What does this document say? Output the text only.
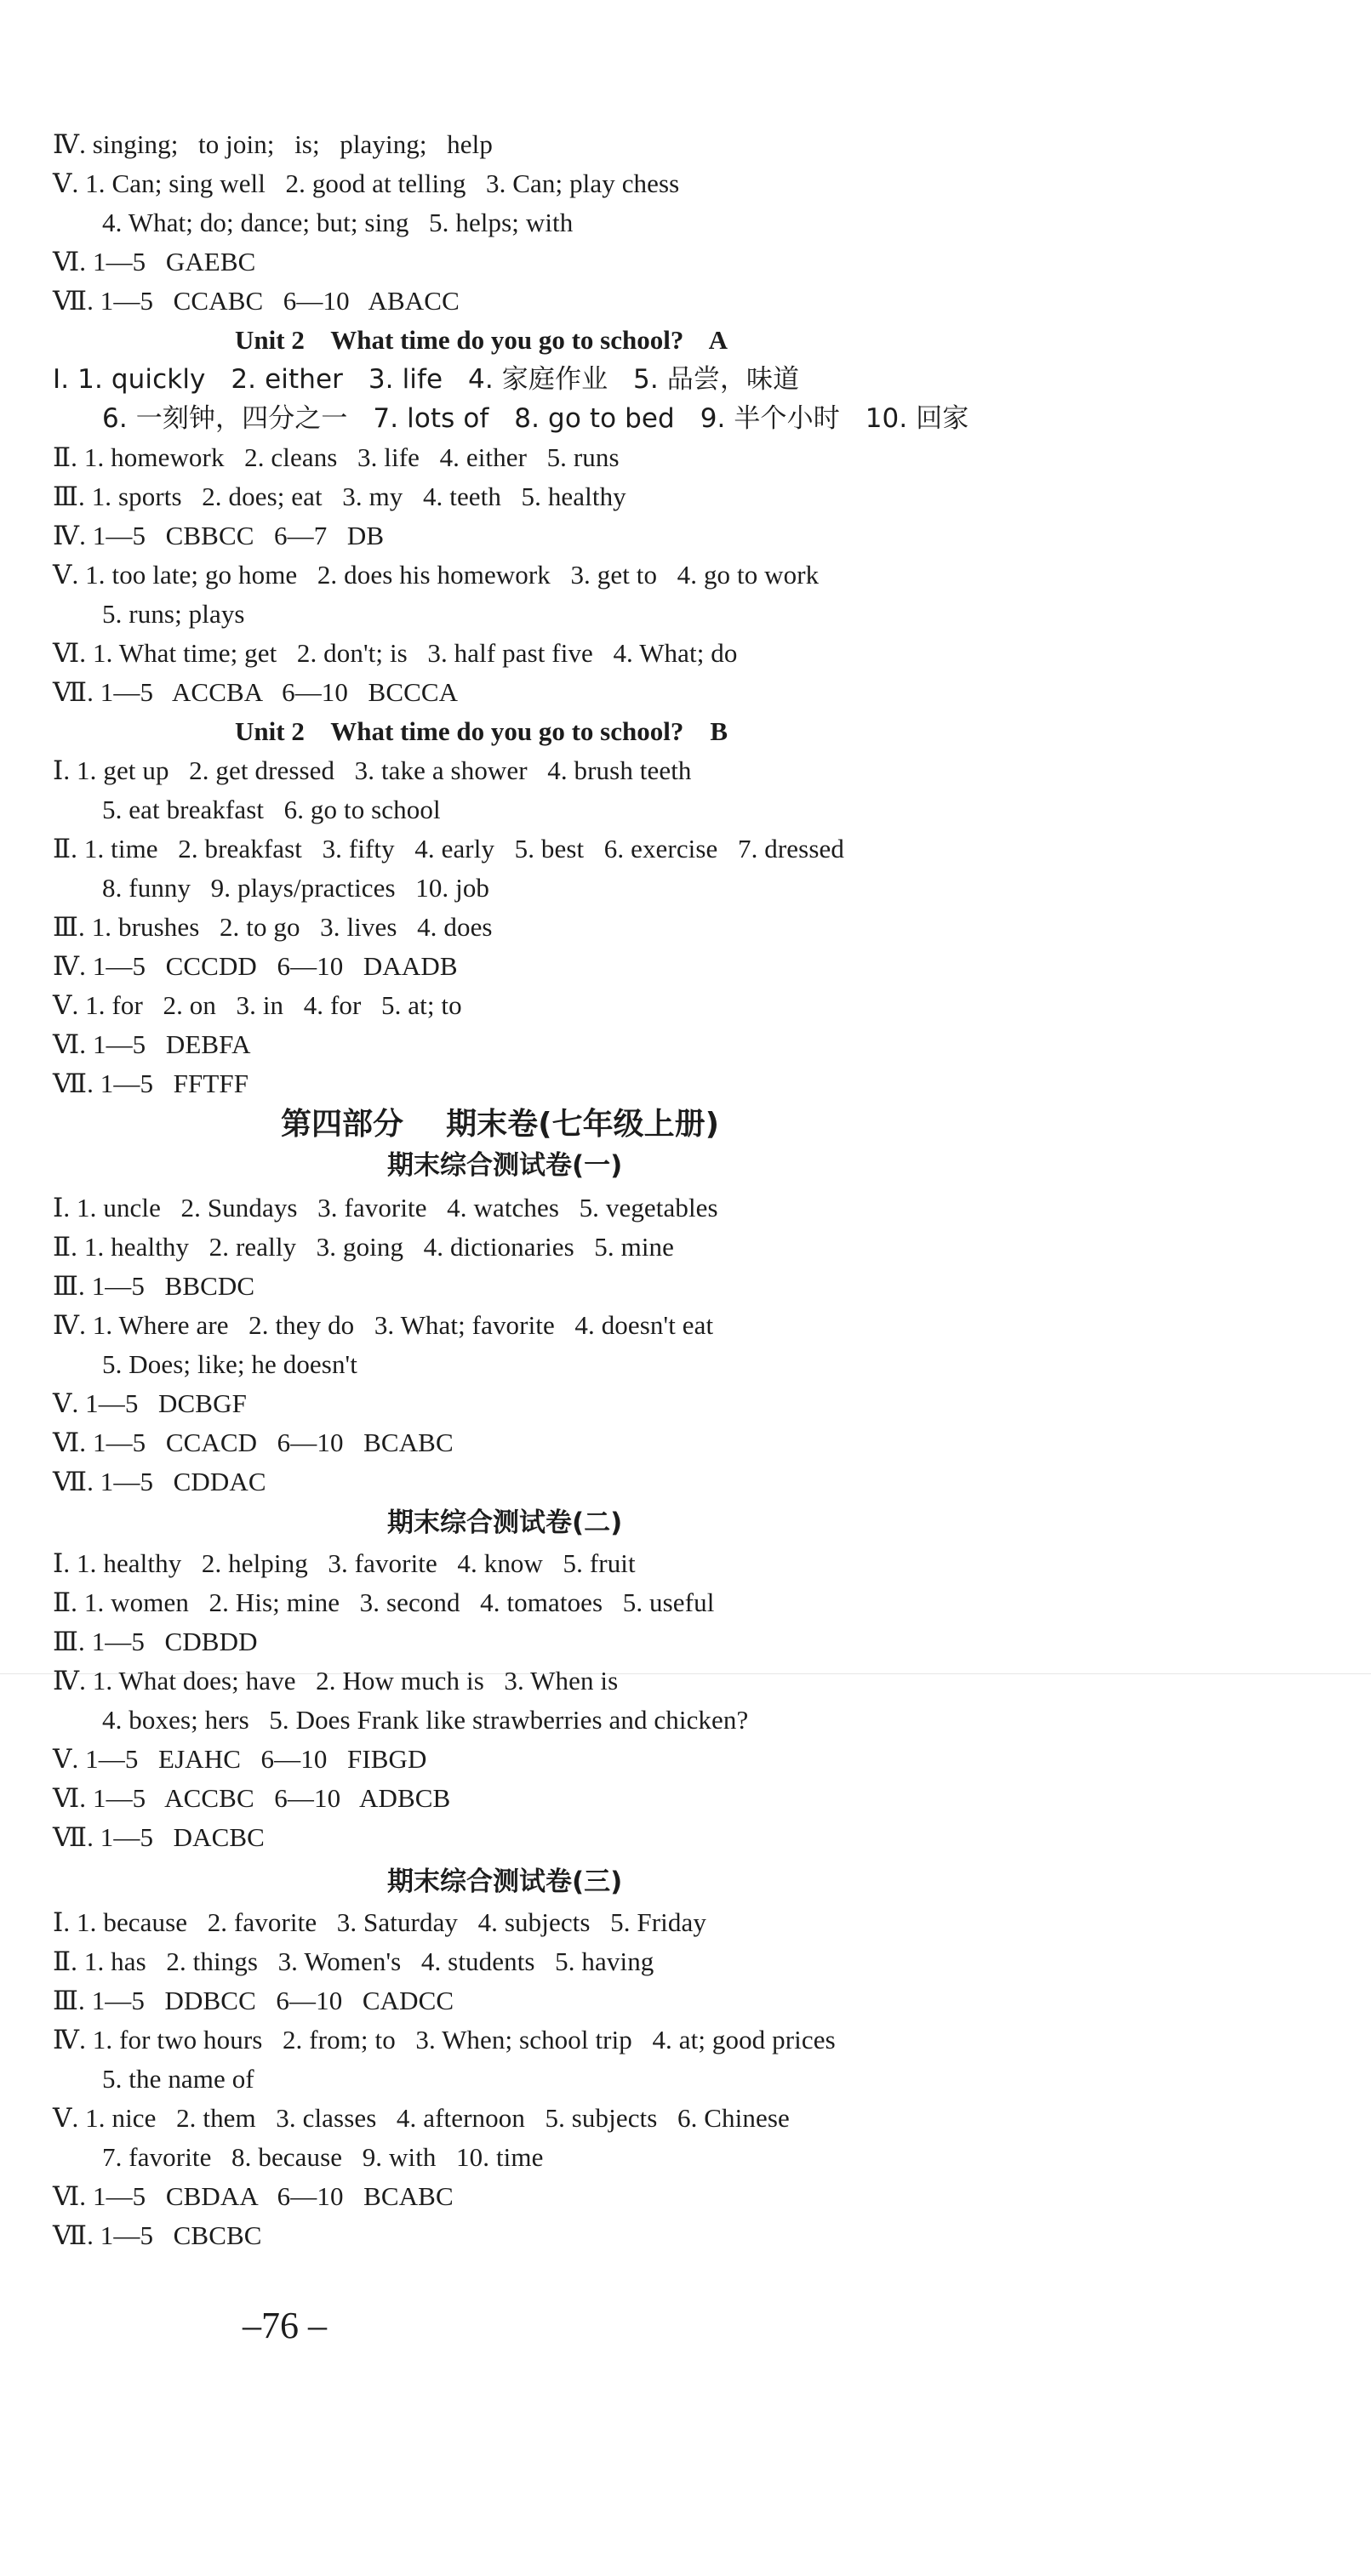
Ⅳ. singing;   to join;   is;   playing;   help
Ⅴ. 1. Can; sing well   2. good at telling   3. Can; play chess
4. What; do; dance; but; sing   5. helps; with
Ⅵ. 1—5   GAEBC
Ⅶ. 1—5   CCABC   6—10   ABACC
Unit 2    What time do you go to school?    A
Ⅰ. 1. quickly   2. either   3. life   4. 家庭作业   5. 品尝，味道
6. 一刻钟，四分之一   7. lots of   8. go to bed   9. 半个小时   10. 回家
Ⅱ. 1. homework   2. cleans   3. life   4. either   5. runs
Ⅲ. 1. sports   2. does; eat   3. my   4. teeth   5. healthy
Ⅳ. 1—5   CBBCC   6—7   DB
Ⅴ. 1. too late; go home   2. does his homework   3. get to   4. go to work
5. runs; plays
Ⅵ. 1. What time; get   2. don't; is   3. half past five   4. What; do
Ⅶ. 1—5   ACCBA   6—10   BCCCA
Unit 2    What time do you go to school?    B
Ⅰ. 1. get up   2. get dressed   3. take a shower   4. brush teeth
5. eat breakfast   6. go to school
Ⅱ. 1. time   2. breakfast   3. fifty   4. early   5. best   6. exercise   7. dressed
8. funny   9. plays/practices   10. job
Ⅲ. 1. brushes   2. to go   3. lives   4. does
Ⅳ. 1—5   CCCDD   6—10   DAADB
Ⅴ. 1. for   2. on   3. in   4. for   5. at; to
Ⅵ. 1—5   DEBFA
Ⅶ. 1—5   FFTFF
第四部分    期末卷(七年级上册)
期末综合测试卷(一)
Ⅰ. 1. uncle   2. Sundays   3. favorite   4. watches   5. vegetables
Ⅱ. 1. healthy   2. really   3. going   4. dictionaries   5. mine
Ⅲ. 1—5   BBCDC
Ⅳ. 1. Where are   2. they do   3. What; favorite   4. doesn't eat
5. Does; like; he doesn't
Ⅴ. 1—5   DCBGF
Ⅵ. 1—5   CCACD   6—10   BCABC
Ⅶ. 1—5   CDDAC
期末综合测试卷(二)
Ⅰ. 1. healthy   2. helping   3. favorite   4. know   5. fruit
Ⅱ. 1. women   2. His; mine   3. second   4. tomatoes   5. useful
Ⅲ. 1—5   CDBDD
Ⅳ. 1. What does; have   2. How much is   3. When is
4. boxes; hers   5. Does Frank like strawberries and chicken?
Ⅴ. 1—5   EJAHC   6—10   FIBGD
Ⅵ. 1—5   ACCBC   6—10   ADBCB
Ⅶ. 1—5   DACBC
期末综合测试卷(三)
Ⅰ. 1. because   2. favorite   3. Saturday   4. subjects   5. Friday
Ⅱ. 1. has   2. things   3. Women's   4. students   5. having
Ⅲ. 1—5   DDBCC   6—10   CADCC
Ⅳ. 1. for two hours   2. from; to   3. When; school trip   4. at; good prices
5. the name of
Ⅴ. 1. nice   2. them   3. classes   4. afternoon   5. subjects   6. Chinese
7. favorite   8. because   9. with   10. time
Ⅵ. 1—5   CBDAA   6—10   BCABC
Ⅶ. 1—5   CBCBC
–76 –
